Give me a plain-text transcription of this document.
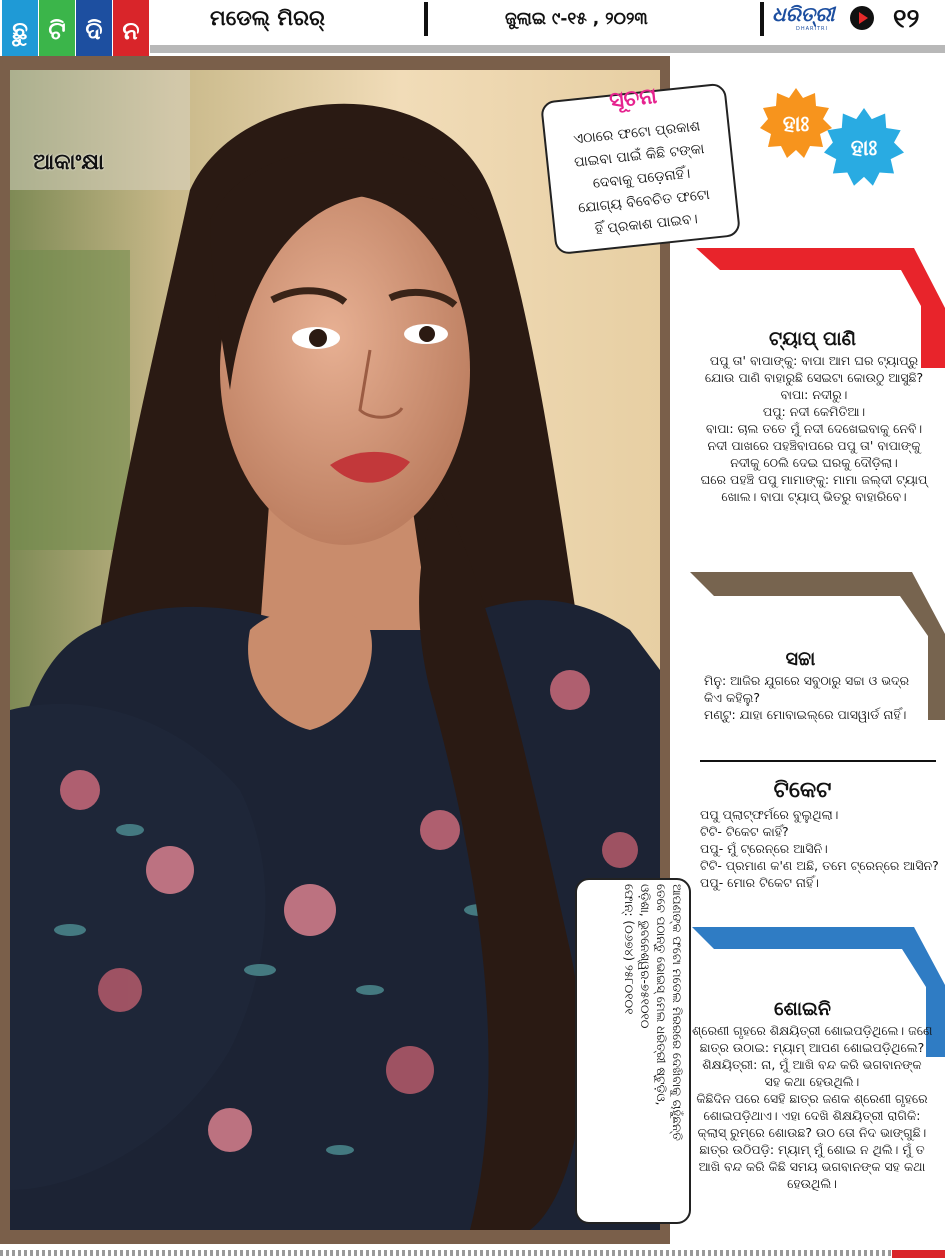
ଛୁ ଟି ଦି ନ	ମଡେଲ୍ ମିରର୍	ଜୁଲାଇ ୯-୧୫ , ୨୦୨୩	ଧରିତ୍ରୀ
DHARITRI	୧୨
ଆକାଂକ୍ଷା
ସୂଚନା
ଏଠାରେ ଫଟୋ ପ୍ରକାଶ
ପାଇବା ପାଇଁ କିଛି ଟଙ୍କା
ଦେବାକୁ ପଡ଼େନାହିଁ।
ଯୋଗ୍ୟ ବିବେଚିତ ଫଟୋ
ହିଁ ପ୍ରକାଶ ପାଇବ।
ଆପଣଙ୍କ ଫଟୋ ମଡେଲ ମିରରରେ ଦେଖିବାକୁ ଚାହୁଁଛନ୍ତି
ତେବେ ପଠାନ୍ତୁ ଭୋଇସ୍ ମେଲ ଧରିତ୍ରୀ ଷ୍ଟୁଡ଼ିଓ,
ଓଡ଼ିଶା, ଭୁବନେଶ୍ୱର-୭୫୧୦୧୦
ଫୋନ୍: (୦୬୭୪) ୨୫୮୦୧୦୧
ହାଃ
ହାଃ
ଟ୍ୟାପ୍ ପାଣି
ପପୁ ତା' ବାପାଙ୍କୁ: ବାପା ଆମ ଘର ଟ୍ୟାପ୍‌ରୁ
ଯୋଉ ପାଣି ବାହାରୁଛି ସେଇଟା କୋଉଠୁ ଆସୁଛି?
ବାପା: ନଦୀରୁ।
ପପୁ: ନଦୀ କେମିତିଆ।
ବାପା: ଚାଲ ତତେ ମୁଁ ନଦୀ ଦେଖେଇବାକୁ ନେବି।
ନଦୀ ପାଖରେ ପହଞ୍ଚିବାପରେ ପପୁ ତା' ବାପାଙ୍କୁ
ନଦୀକୁ ଠେଲି ଦେଇ ଘରକୁ ଦୌଡ଼ିଲା।
ଘରେ ପହଞ୍ଚି ପପୁ ମାମାଙ୍କୁ: ମାମା ଜଲ୍ଦୀ ଟ୍ୟାପ୍
ଖୋଲ। ବାପା ଟ୍ୟାପ୍ ଭିତରୁ ବାହାରିବେ।
ସଚ୍ଚା
ମିନୁ: ଆଜିର ଯୁଗରେ ସବୁଠାରୁ ସଚ୍ଚା ଓ ଭଦ୍ର
କିଏ କହିଲୁ?
ମଣ୍ଟୁ: ଯାହା ମୋବାଇଲ୍‌ରେ ପାସୱାର୍ଡ ନାହିଁ।
ଟିକେଟ
ପପୁ ପ୍ଲାଟ୍‌ଫର୍ମରେ ବୁଲୁଥିଲା।
ଟିଟି- ଟିକେଟ କାହିଁ?
ପପୁ- ମୁଁ ଟ୍ରେନ୍‌ରେ ଆସିନି।
ଟିଟି- ପ୍ରମାଣ କ'ଣ ଅଛି, ତମେ ଟ୍ରେନ୍‌ରେ ଆସିନ?
ପପୁ- ମୋର ଟିକେଟ ନାହିଁ।
ଶୋଇନି
ଶ୍ରେଣୀ ଗୃହରେ ଶିକ୍ଷୟିତ୍ରୀ ଶୋଇପଡ଼ିଥିଲେ। ଜଣେ
ଛାତ୍ର ଉଠାଇ: ମ୍ୟାମ୍ ଆପଣ ଶୋଇପଡ଼ିଥିଲେ?
ଶିକ୍ଷୟିତ୍ରୀ: ନା, ମୁଁ ଆଖି ବନ୍ଦ କରି ଭଗବାନଙ୍କ
ସହ କଥା ହେଉଥିଲି।
କିଛିଦିନ ପରେ ସେହି ଛାତ୍ର ଜଣକ ଶ୍ରେଣୀ ଗୃହରେ
ଶୋଇପଡ଼ିଥାଏ। ଏହା ଦେଖି ଶିକ୍ଷୟିତ୍ରୀ ରାଗିକି:
କ୍ଲାସ୍ ରୁମ୍‌ରେ ଶୋଉଛ? ଉଠ ତୋ ନିଦ ଭାଙ୍ଗୁଛି।
ଛାତ୍ର ଉଠିପଡ଼ି: ମ୍ୟାମ୍ ମୁଁ ଶୋଇ ନ ଥିଲି। ମୁଁ ତ
ଆଖି ବନ୍ଦ କରି କିଛି ସମୟ ଭଗବାନଙ୍କ ସହ କଥା
ହେଉଥିଲି।
